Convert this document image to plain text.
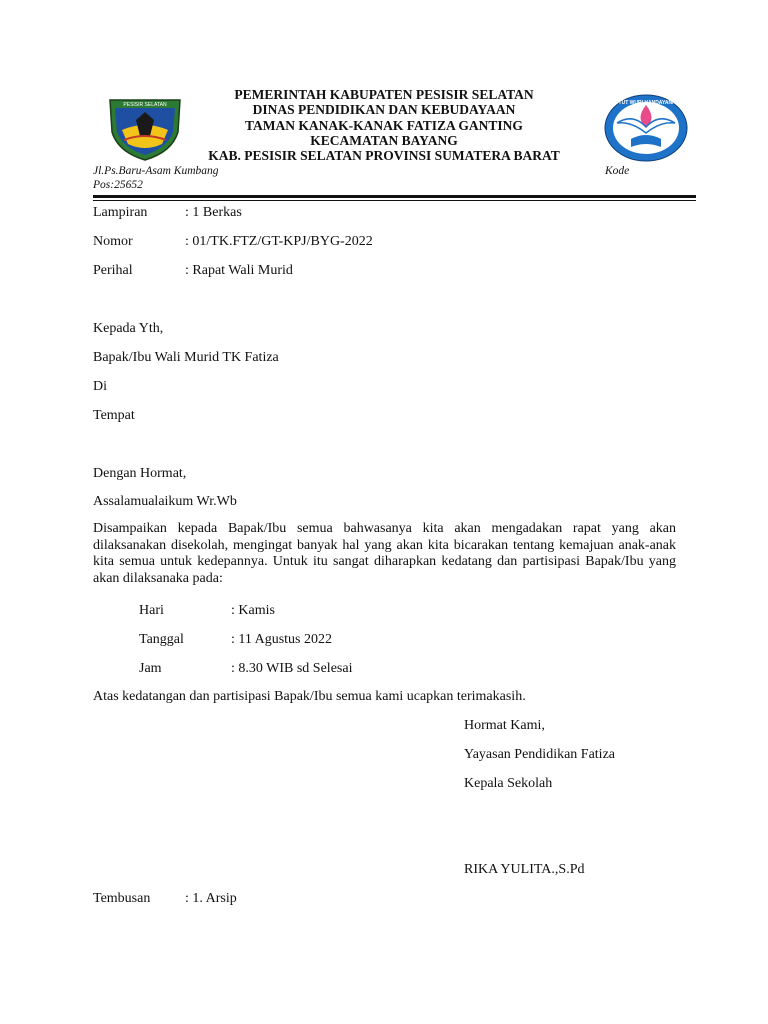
PESISIR SELATAN	TUT WURI HANDAYANI
PEMERINTAH KABUPATEN PESISIR SELATAN
DINAS PENDIDIKAN DAN KEBUDAYAAN
TAMAN KANAK-KANAK FATIZA GANTING
KECAMATAN BAYANG
KAB. PESISIR SELATAN PROVINSI SUMATERA BARAT
Jl.Ps.Baru-Asam Kumbang
Pos:25652
Kode
Lampiran	: 1 Berkas
Nomor	: 01/TK.FTZ/GT-KPJ/BYG-2022
Perihal	: Rapat Wali Murid
Kepada Yth,
Bapak/Ibu Wali Murid TK Fatiza
Di
Tempat
Dengan Hormat,
Assalamualaikum Wr.Wb
Disampaikan kepada Bapak/Ibu semua bahwasanya kita akan mengadakan rapat yang akan dilaksanakan disekolah, mengingat banyak hal yang akan kita bicarakan tentang kemajuan anak-anak kita semua untuk kedepannya. Untuk itu sangat diharapkan kedatang dan partisipasi Bapak/Ibu yang akan dilaksanaka pada:
Hari	: Kamis
Tanggal	: 11 Agustus 2022
Jam	: 8.30 WIB sd Selesai
Atas kedatangan dan partisipasi Bapak/Ibu semua kami ucapkan terimakasih.
Hormat Kami,
Yayasan Pendidikan Fatiza
Kepala Sekolah
RIKA YULITA.,S.Pd
Tembusan : 1. Arsip
